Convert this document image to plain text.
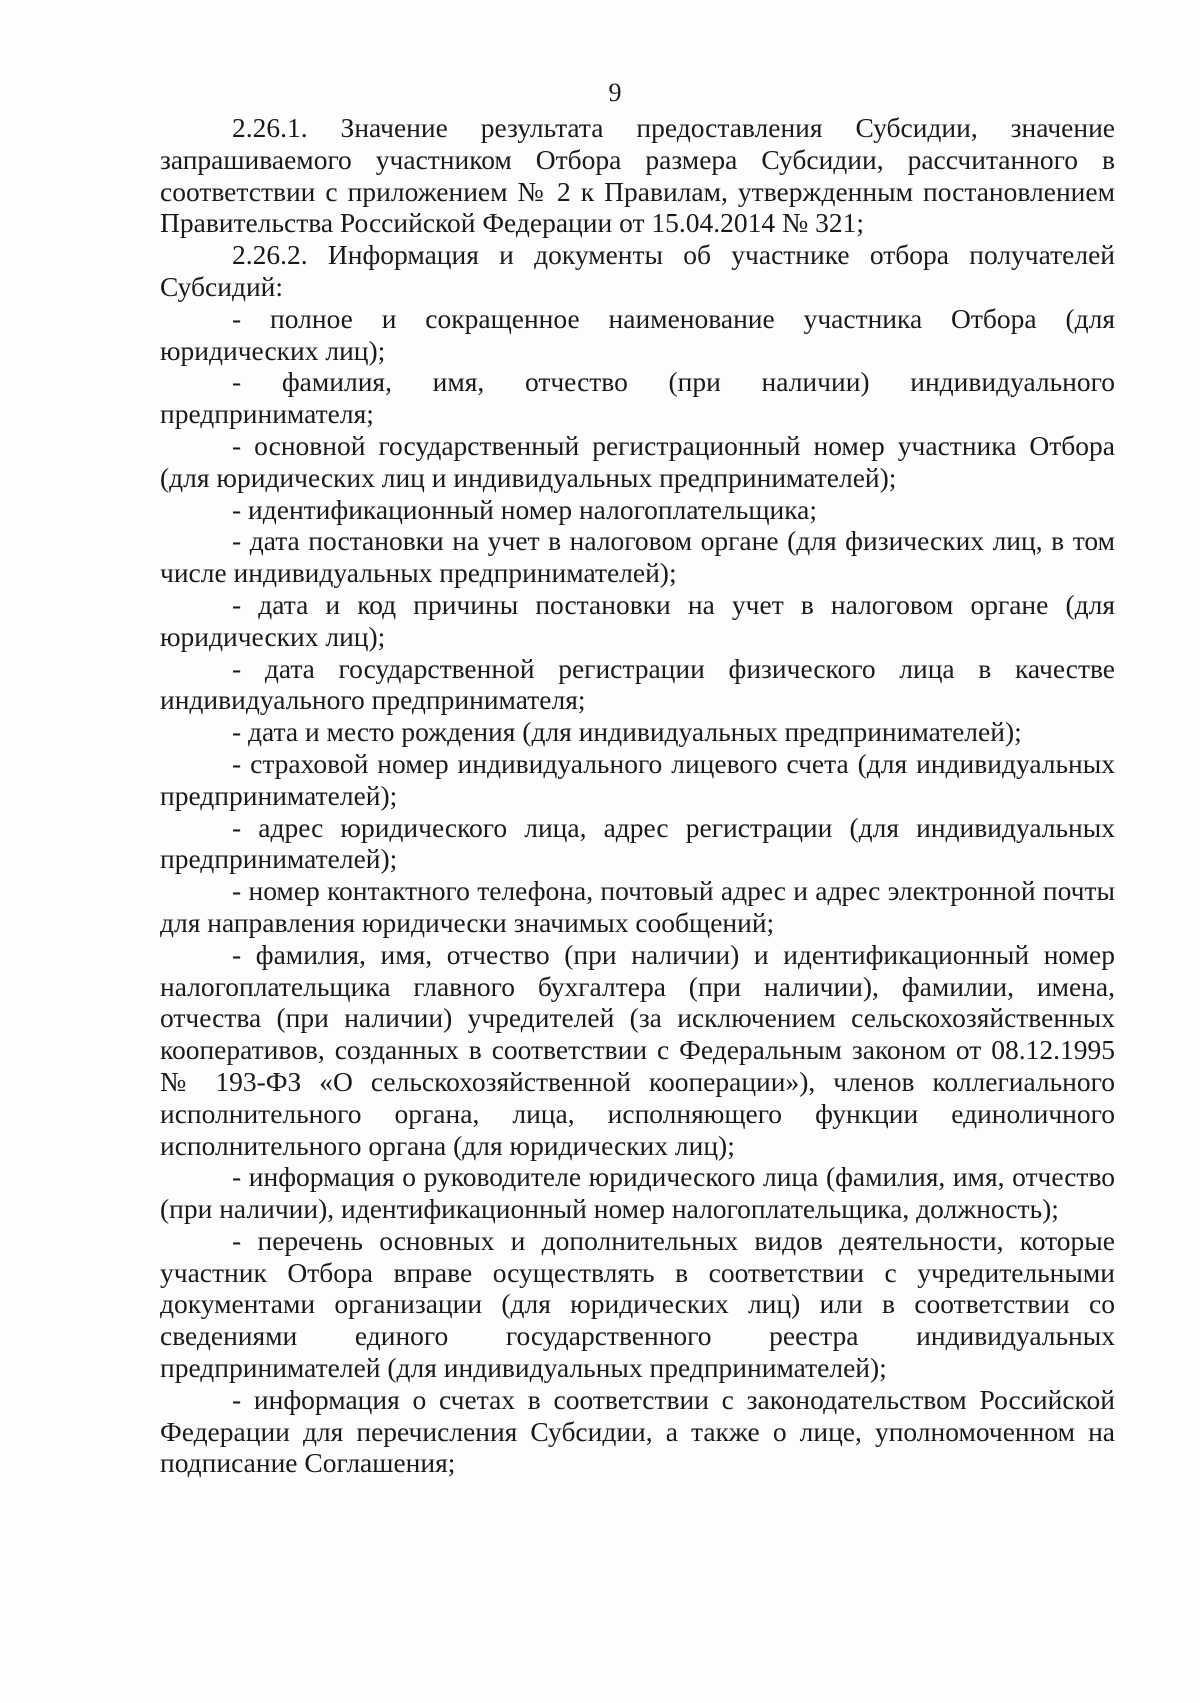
9

2.26.1. Значение результата предоставления Субсидии, значение запрашиваемого участником Отбора размера Субсидии, рассчитанного в соответствии с приложением № 2 к Правилам, утвержденным постановлением Правительства Российской Федерации от 15.04.2014 № 321;

2.26.2. Информация и документы об участнике отбора получателей Субсидий:

- полное и сокращенное наименование участника Отбора (для юридических лиц);

- фамилия, имя, отчество (при наличии) индивидуального предпринимателя;

- основной государственный регистрационный номер участника Отбора (для юридических лиц и индивидуальных предпринимателей);

- идентификационный номер налогоплательщика;

- дата постановки на учет в налоговом органе (для физических лиц, в том числе индивидуальных предпринимателей);

- дата и код причины постановки на учет в налоговом органе (для юридических лиц);

- дата государственной регистрации физического лица в качестве индивидуального предпринимателя;

- дата и место рождения (для индивидуальных предпринимателей);

- страховой номер индивидуального лицевого счета (для индивидуальных предпринимателей);

- адрес юридического лица, адрес регистрации (для индивидуальных предпринимателей);

- номер контактного телефона, почтовый адрес и адрес электронной почты для направления юридически значимых сообщений;

- фамилия, имя, отчество (при наличии) и идентификационный номер налогоплательщика главного бухгалтера (при наличии), фамилии, имена, отчества (при наличии) учредителей (за исключением сельскохозяйственных кооперативов, созданных в соответствии с Федеральным законом от 08.12.1995 № 193-ФЗ «О сельскохозяйственной кооперации»), членов коллегиального исполнительного органа, лица, исполняющего функции единоличного исполнительного органа (для юридических лиц);

- информация о руководителе юридического лица (фамилия, имя, отчество (при наличии), идентификационный номер налогоплательщика, должность);

- перечень основных и дополнительных видов деятельности, которые участник Отбора вправе осуществлять в соответствии с учредительными документами организации (для юридических лиц) или в соответствии со сведениями единого государственного реестра индивидуальных предпринимателей (для индивидуальных предпринимателей);

- информация о счетах в соответствии с законодательством Российской Федерации для перечисления Субсидии, а также о лице, уполномоченном на подписание Соглашения;
